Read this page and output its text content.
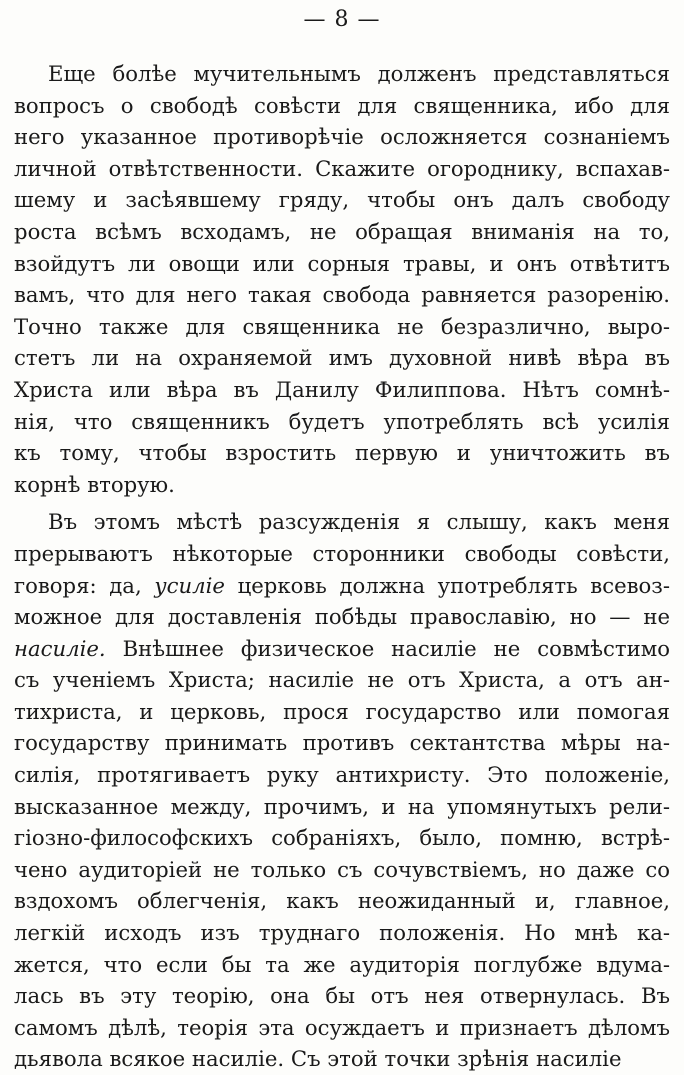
— 8 —
Еще болѣе мучительнымъ долженъ представляться
вопросъ о свободѣ совѣсти для священника, ибо для
него указанное противорѣчіе осложняется сознаніемъ
личной отвѣтственности. Скажите огороднику, вспахав-
шему и засѣявшему гряду, чтобы онъ далъ свободу
роста всѣмъ всходамъ, не обращая вниманія на то,
взойдутъ ли овощи или сорныя травы, и онъ отвѣтитъ
вамъ, что для него такая свобода равняется разоренію.
Точно также для священника не безразлично, выро-
стетъ ли на охраняемой имъ духовной нивѣ вѣра въ
Христа или вѣра въ Данилу Филиппова. Нѣтъ сомнѣ-
нія, что священникъ будетъ употреблять всѣ усилія
къ тому, чтобы взростить первую и уничтожить въ
корнѣ вторую.
Въ этомъ мѣстѣ разсужденія я слышу, какъ меня
прерываютъ нѣкоторые сторонники свободы совѣсти,
говоря: да, усиліе церковь должна употреблять всевоз-
можное для доставленія побѣды православію, но — не
насиліе. Внѣшнее физическое насиліе не совмѣстимо
съ ученіемъ Христа; насиліе не отъ Христа, а отъ ан-
тихриста, и церковь, прося государство или помогая
государству принимать противъ сектантства мѣры на-
силія, протягиваетъ руку антихристу. Это положеніе,
высказанное между, прочимъ, и на упомянутыхъ рели-
гіозно-философскихъ собраніяхъ, было, помню, встрѣ-
чено аудиторіей не только съ сочувствіемъ, но даже со
вздохомъ облегченія, какъ неожиданный и, главное,
легкій исходъ изъ труднаго положенія. Но мнѣ ка-
жется, что если бы та же аудиторія поглубже вдума-
лась въ эту теорію, она бы отъ нея отвернулась. Въ
самомъ дѣлѣ, теорія эта осуждаетъ и признаетъ дѣломъ
дьявола всякое насиліе. Съ этой точки зрѣнія насиліе
